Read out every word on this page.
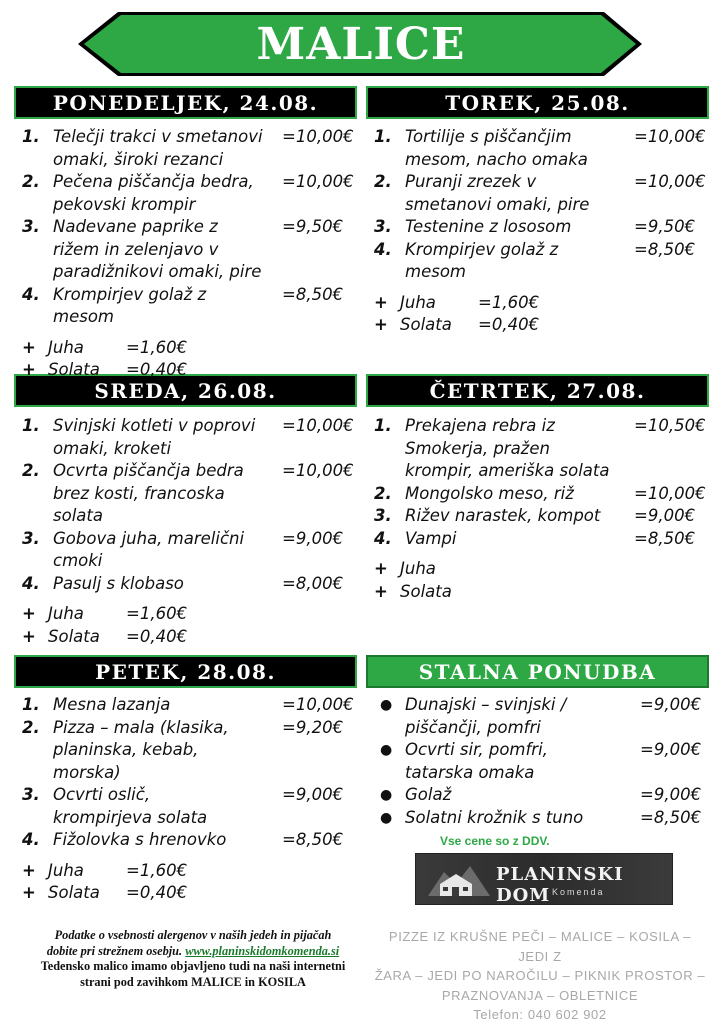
MALICE
PONEDELJEK, 24.08.	TOREK, 25.08.
SREDA, 26.08.	ČETRTEK, 27.08.
PETEK, 28.08.	STALNA PONUDBA
1. Telečji trakci v smetanovi
omaki, široki rezanci
=10,00€
2. Pečena piščančja bedra,
pekovski krompir
=10,00€
3. Nadevane paprike z
rižem in zelenjavo v
paradižnikovi omaki, pire
=9,50€
4. Krompirjev golaž z
mesom
=8,50€
+ Juha	=1,60€
+ Solata	=0,40€
1. Tortilije s piščančjim
mesom, nacho omaka
=10,00€
2. Puranji zrezek v
smetanovi omaki, pire
=10,00€
3. Testenine z lososom	=9,50€
4. Krompirjev golaž z
mesom
=8,50€
+ Juha	=1,60€
+ Solata	=0,40€
1. Svinjski kotleti v poprovi
omaki, kroketi
=10,00€
2. Ocvrta piščančja bedra
brez kosti, francoska
solata
=10,00€
3. Gobova juha, marelični
cmoki
=9,00€
4. Pasulj s klobaso	=8,00€
+ Juha	=1,60€
+ Solata	=0,40€
1. Prekajena rebra iz
Smokerja, pražen
krompir, ameriška solata
=10,50€
2. Mongolsko meso, riž	=10,00€
3. Rižev narastek, kompot =9,00€
4. Vampi	=8,50€
+ Juha
+ Solata
1. Mesna lazanja	=10,00€
2. Pizza – mala (klasika,
planinska, kebab,
morska)
=9,20€
3. Ocvrti oslič,
krompirjeva solata
=9,00€
4. Fižolovka s hrenovko	=8,50€
+ Juha	=1,60€
+ Solata	=0,40€
● Dunajski – svinjski /
piščančji, pomfri
=9,00€
● Ocvrti sir, pomfri,
tatarska omaka
=9,00€
● Golaž	=9,00€
● Solatni krožnik s tuno	=8,50€
Vse cene so z DDV.
PLANINSKI DOM Komenda
Podatke o vsebnosti alergenov v naših jedeh in pijačah
dobite pri strežnem osebju. www.planinskidomkomenda.si
Tedensko malico imamo objavljeno tudi na naši internetni
strani pod zavihkom MALICE in KOSILA
PIZZE IZ KRUŠNE PEČI – MALICE – KOSILA – JEDI Z
ŽARA – JEDI PO NAROČILU – PIKNIK PROSTOR –
PRAZNOVANJA – OBLETNICE
Telefon: 040 602 902
